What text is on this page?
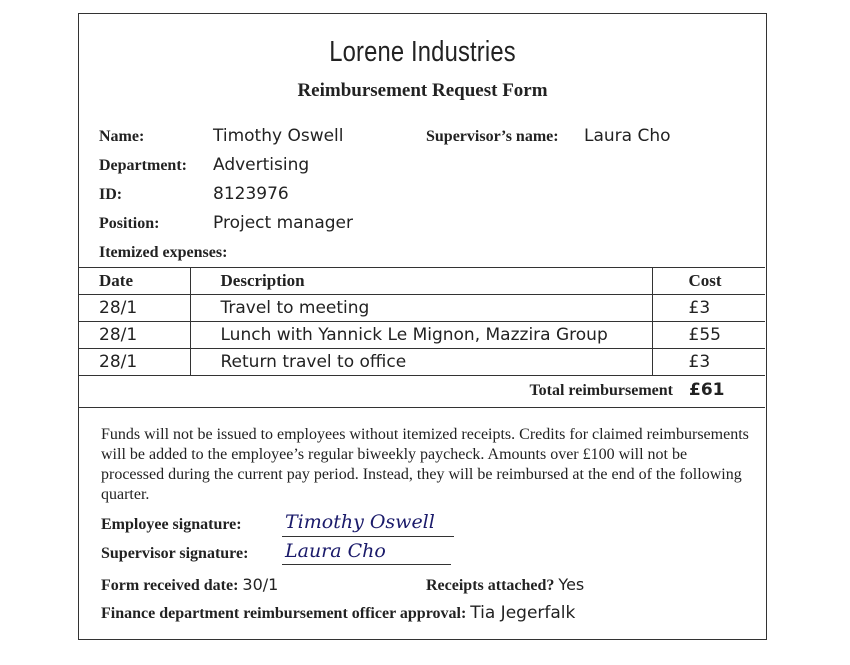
Lorene Industries
Reimbursement Request Form
Name:	Timothy Oswell	Supervisor’s name: Laura Cho
Department: Advertising
ID:	8123976
Position:	Project manager
Itemized expenses:
Date	Description	Cost
28/1	Travel to meeting	£3
28/1	Lunch with Yannick Le Mignon, Mazzira Group	£55
28/1	Return travel to office	£3
Total reimbursement £61
Funds will not be issued to employees without itemized receipts. Credits for claimed reimbursements will be added to the employee’s regular biweekly paycheck. Amounts over £100 will not be processed during the current pay period. Instead, they will be reimbursed at the end of the following quarter.
Employee signature: Timothy Oswell
Supervisor signature: Laura Cho
Form received date: 30/1	Receipts attached? Yes
Finance department reimbursement officer approval: Tia Jegerfalk
